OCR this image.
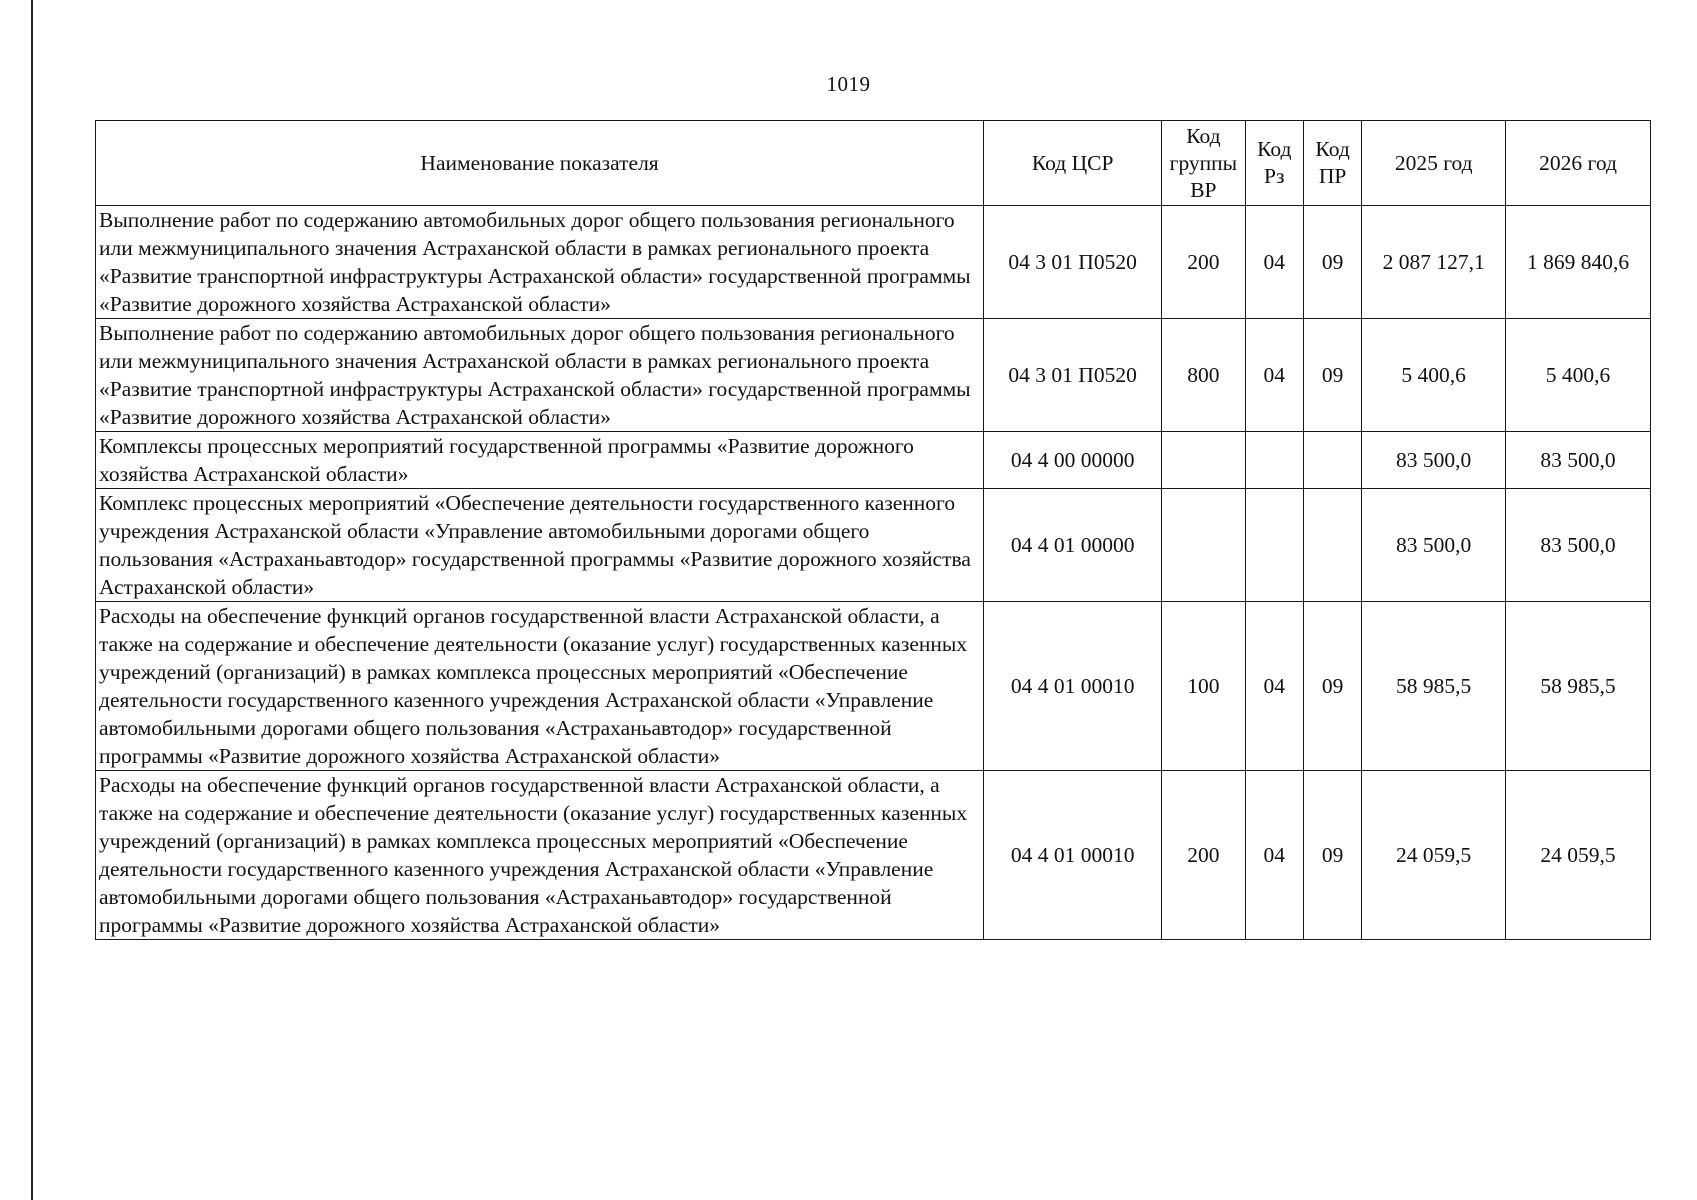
1019
Наименование показателя	Код ЦСР	Код группы ВР	Код Рз	Код ПР	2025 год	2026 год
Выполнение работ по содержанию автомобильных дорог общего пользования регионального или межмуниципального значения Астраханской области в рамках регионального проекта «Развитие транспортной инфраструктуры Астраханской области» государственной программы «Развитие дорожного хозяйства Астраханской области»	04 3 01 П0520	200	04	09	2 087 127,1	1 869 840,6
Выполнение работ по содержанию автомобильных дорог общего пользования регионального или межмуниципального значения Астраханской области в рамках регионального проекта «Развитие транспортной инфраструктуры Астраханской области» государственной программы «Развитие дорожного хозяйства Астраханской области»	04 3 01 П0520	800	04	09	5 400,6	5 400,6
Комплексы процессных мероприятий государственной программы «Развитие дорожного хозяйства Астраханской области»	04 4 00 00000				83 500,0	83 500,0
Комплекс процессных мероприятий «Обеспечение деятельности государственного казенного учреждения Астраханской области «Управление автомобильными дорогами общего пользования «Астраханьавтодор» государственной программы «Развитие дорожного хозяйства Астраханской области»	04 4 01 00000				83 500,0	83 500,0
Расходы на обеспечение функций органов государственной власти Астраханской области, а также на содержание и обеспечение деятельности (оказание услуг) государственных казенных учреждений (организаций) в рамках комплекса процессных мероприятий «Обеспечение деятельности государственного казенного учреждения Астраханской области «Управление автомобильными дорогами общего пользования «Астраханьавтодор» государственной программы «Развитие дорожного хозяйства Астраханской области»	04 4 01 00010	100	04	09	58 985,5	58 985,5
Расходы на обеспечение функций органов государственной власти Астраханской области, а также на содержание и обеспечение деятельности (оказание услуг) государственных казенных учреждений (организаций) в рамках комплекса процессных мероприятий «Обеспечение деятельности государственного казенного учреждения Астраханской области «Управление автомобильными дорогами общего пользования «Астраханьавтодор» государственной программы «Развитие дорожного хозяйства Астраханской области»	04 4 01 00010	200	04	09	24 059,5	24 059,5
